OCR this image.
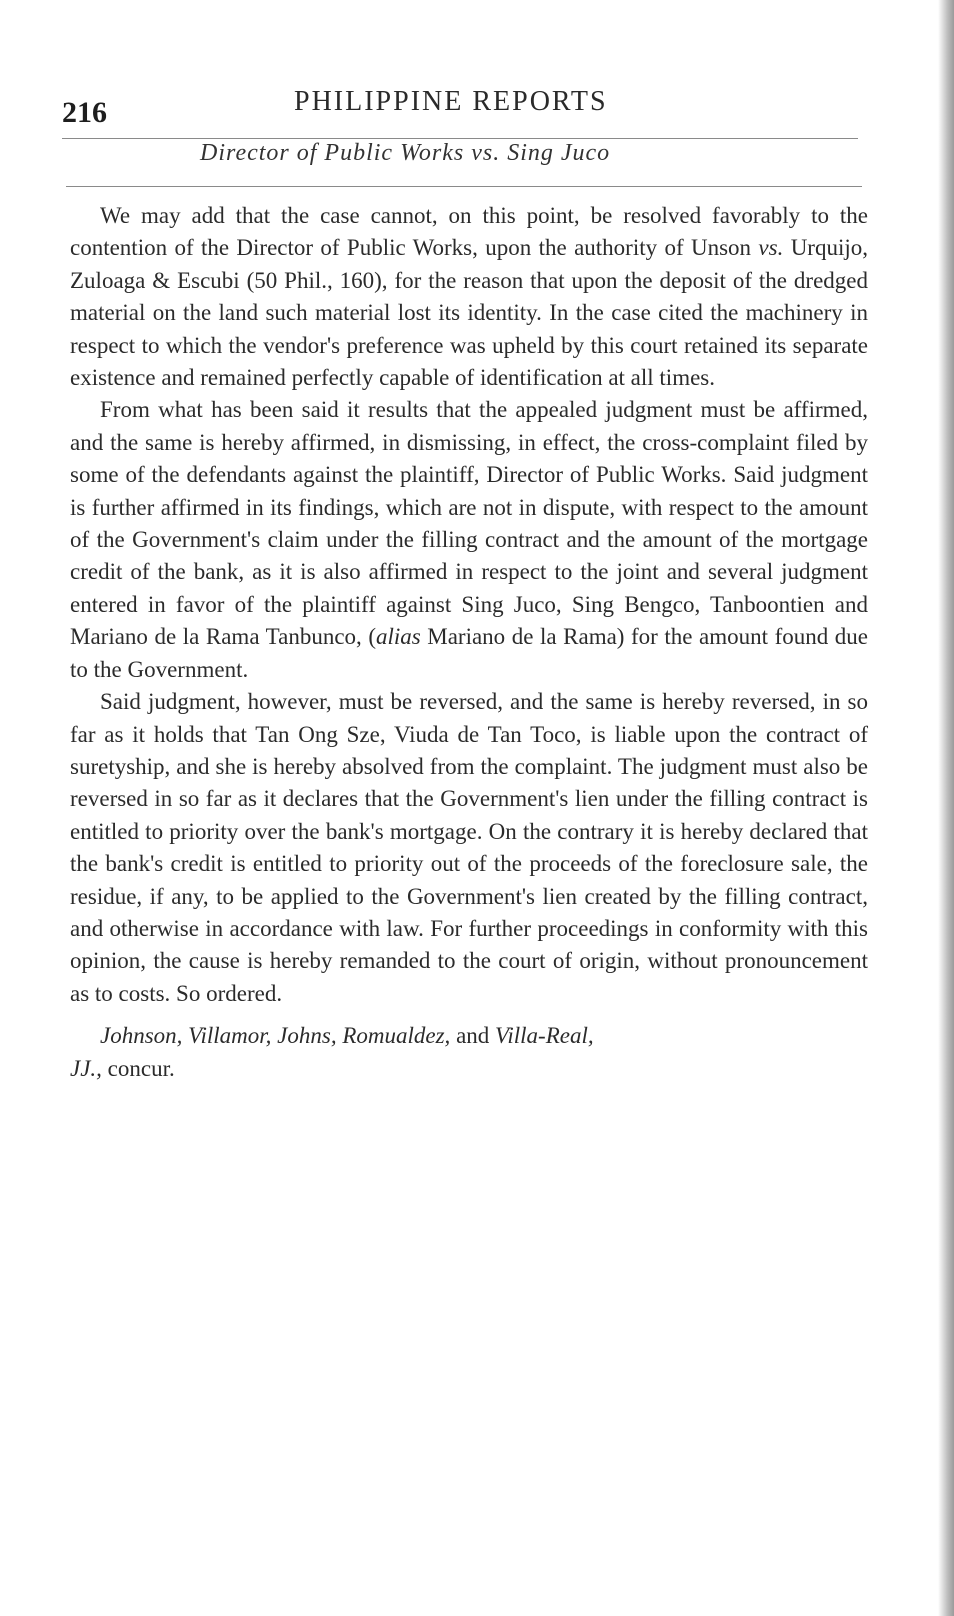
216	PHILIPPINE REPORTS
Director of Public Works vs. Sing Juco

We may add that the case cannot, on this point, be resolved favorably to the contention of the Director of Public Works, upon the authority of Unson vs. Urquijo, Zuloaga & Escubi (50 Phil., 160), for the reason that upon the deposit of the dredged material on the land such material lost its identity. In the case cited the machinery in respect to which the vendor's preference was upheld by this court retained its separate existence and remained perfectly capable of identification at all times.

From what has been said it results that the appealed judgment must be affirmed, and the same is hereby affirmed, in dismissing, in effect, the cross-complaint filed by some of the defendants against the plaintiff, Director of Public Works. Said judgment is further affirmed in its findings, which are not in dispute, with respect to the amount of the Government's claim under the filling contract and the amount of the mortgage credit of the bank, as it is also affirmed in respect to the joint and several judgment entered in favor of the plaintiff against Sing Juco, Sing Bengco, Tanboontien and Mariano de la Rama Tanbunco, (alias Mariano de la Rama) for the amount found due to the Government.

Said judgment, however, must be reversed, and the same is hereby reversed, in so far as it holds that Tan Ong Sze, Viuda de Tan Toco, is liable upon the contract of suretyship, and she is hereby absolved from the complaint. The judgment must also be reversed in so far as it declares that the Government's lien under the filling contract is entitled to priority over the bank's mortgage. On the contrary it is hereby declared that the bank's credit is entitled to priority out of the proceeds of the foreclosure sale, the residue, if any, to be applied to the Government's lien created by the filling contract, and otherwise in accordance with law. For further proceedings in conformity with this opinion, the cause is hereby remanded to the court of origin, without pronouncement as to costs. So ordered.

Johnson, Villamor, Johns, Romualdez, and Villa-Real,
JJ., concur.
